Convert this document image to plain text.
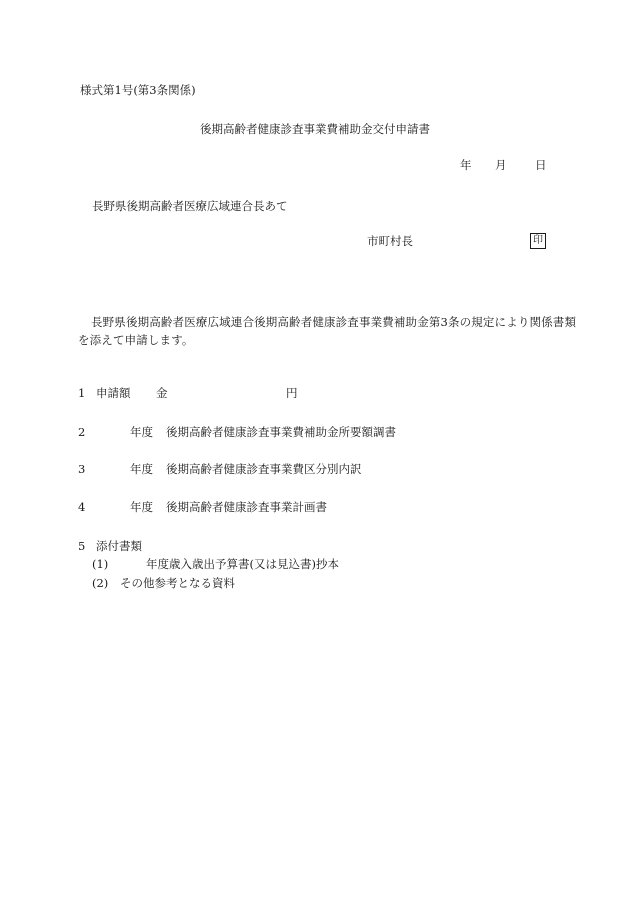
様式第1号(第3条関係)
後期高齢者健康診査事業費補助金交付申請書
年 月 日
長野県後期高齢者医療広域連合長あて
市町村長	印
長野県後期高齢者医療広域連合後期高齢者健康診査事業費補助金第3条の規定により関係書類を添えて申請します。
1 申請額 金	円
2	年度 後期高齢者健康診査事業費補助金所要額調書
3	年度 後期高齢者健康診査事業費区分別内訳
4	年度 後期高齢者健康診査事業計画書
5 添付書類
(1)	年度歳入歳出予算書(又は見込書)抄本
(2) その他参考となる資料
